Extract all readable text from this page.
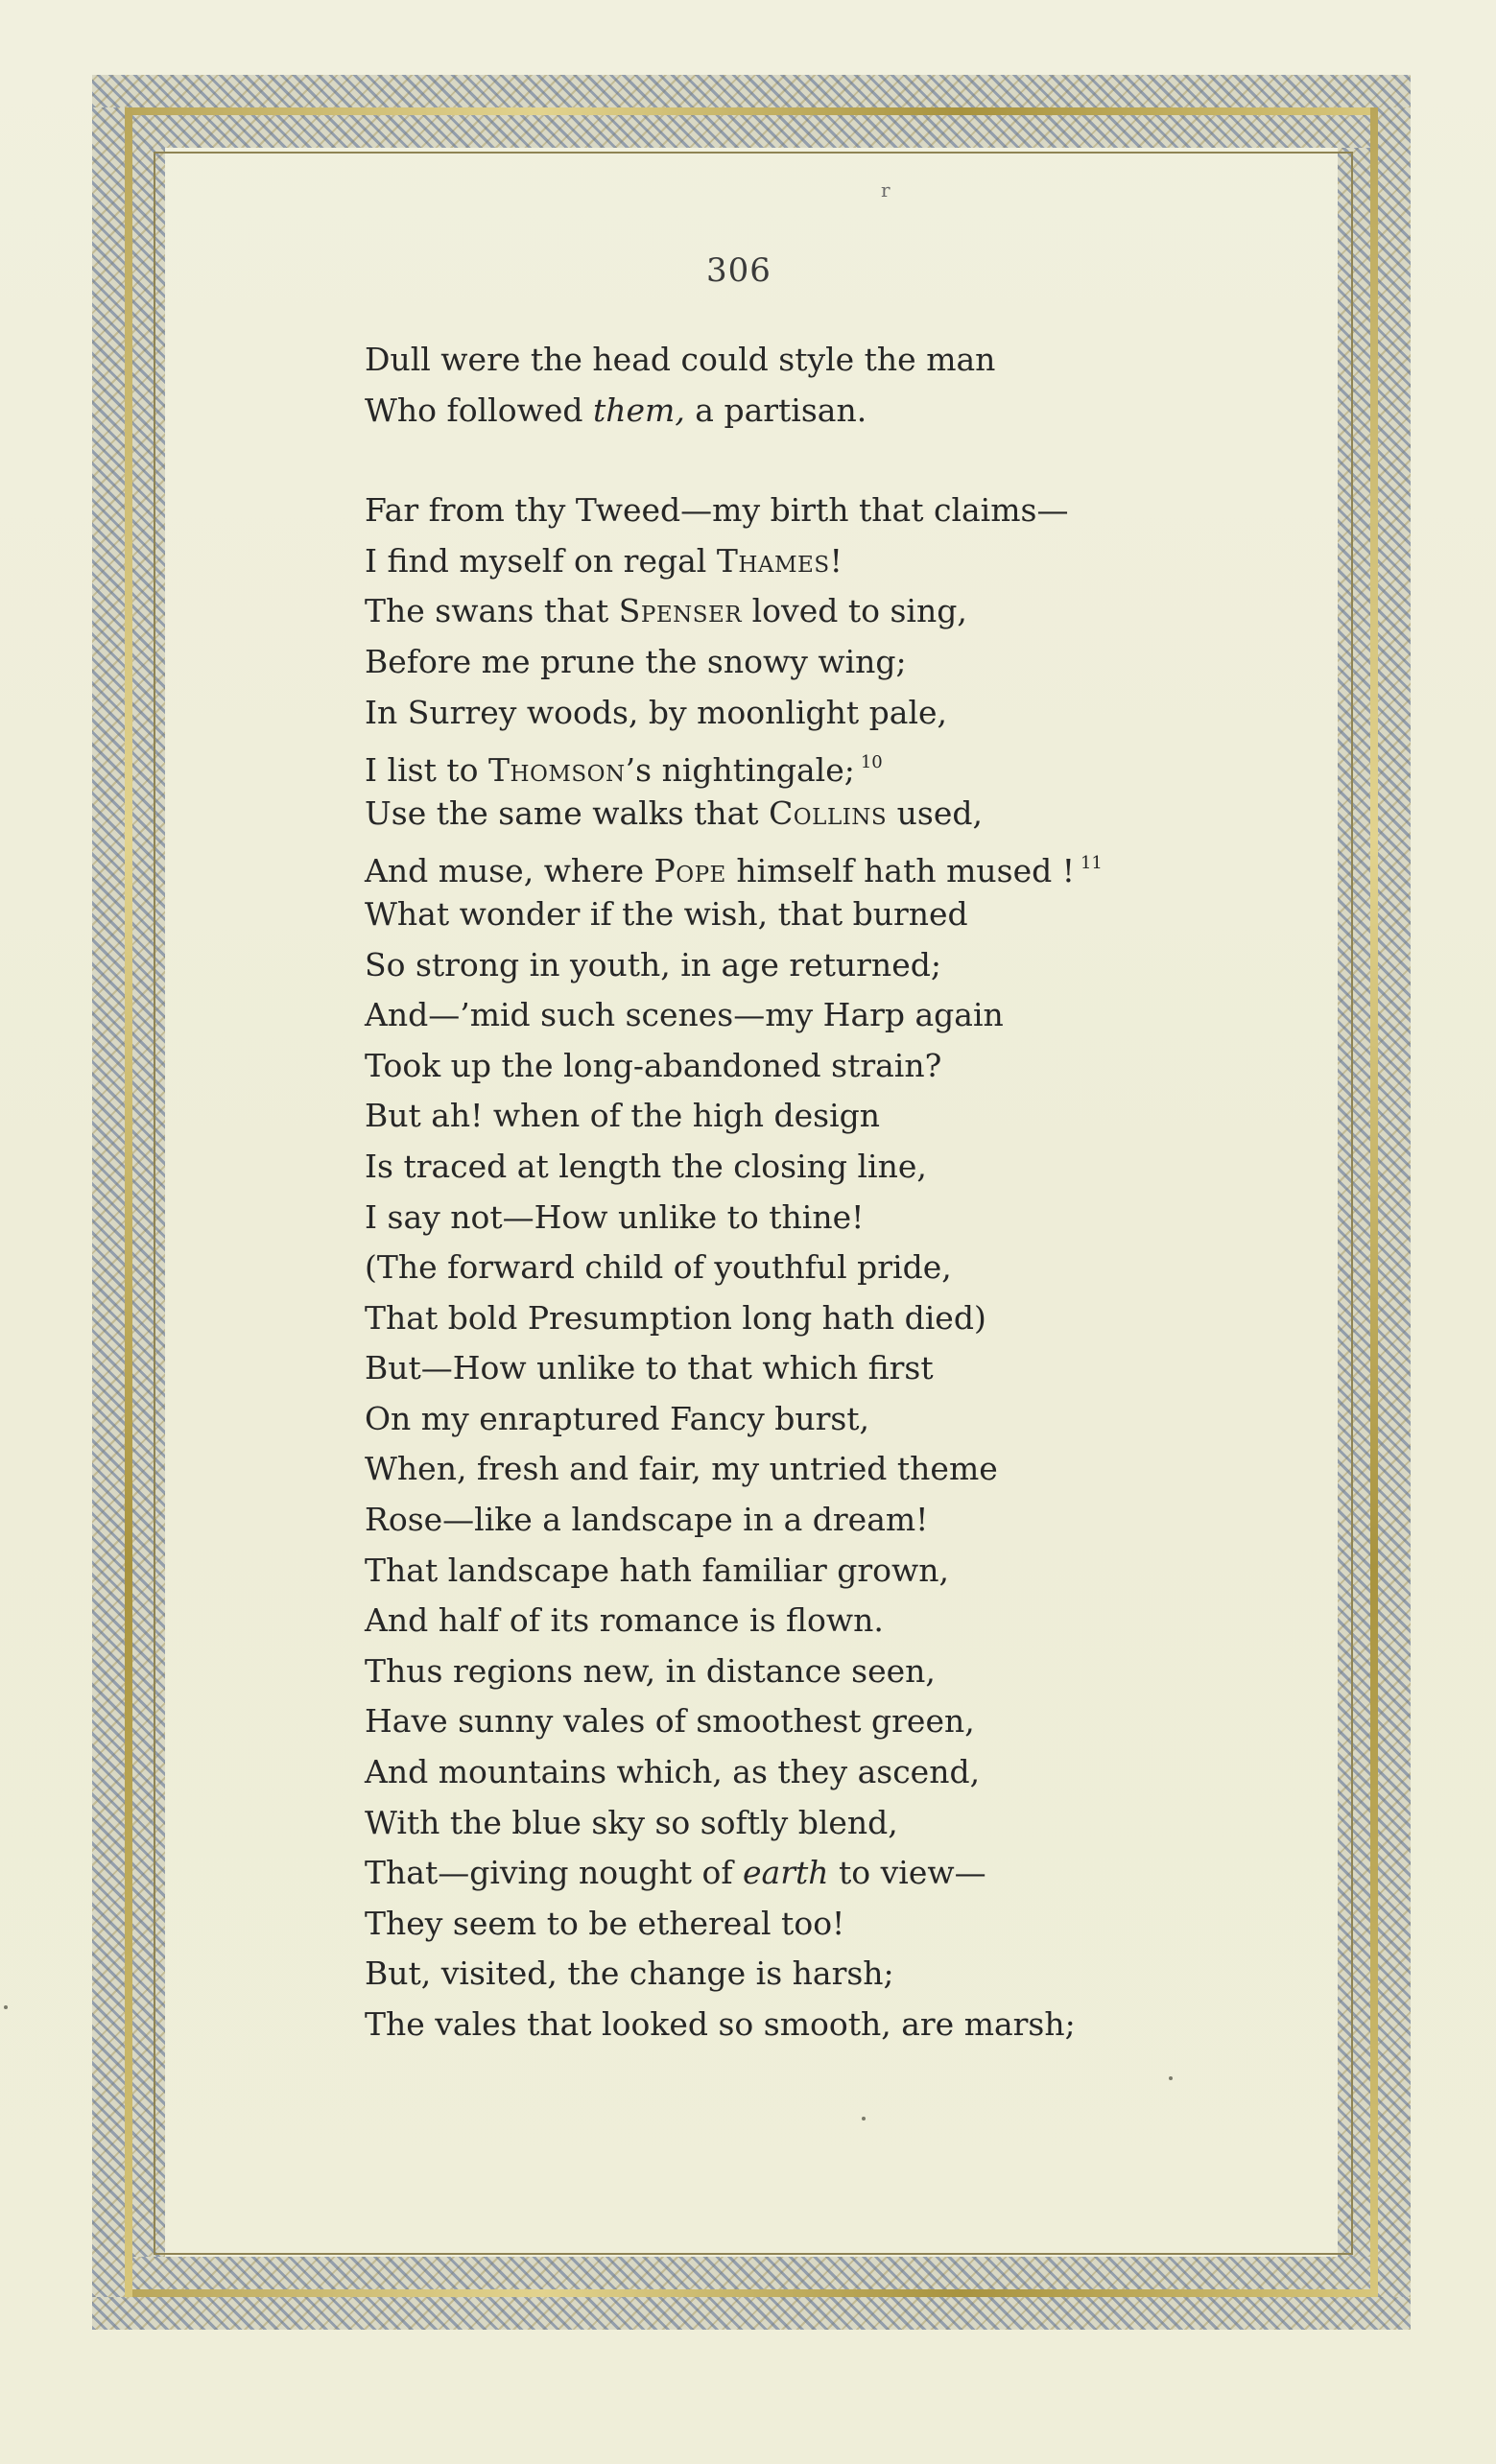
r
306
Dull were the head could style the man
Who followed them, a partisan.
Far from thy Tweed—my birth that claims—
I find myself on regal Thames!
The swans that Spenser loved to sing,
Before me prune the snowy wing;
In Surrey woods, by moonlight pale,
I list to Thomson’s nightingale; $^{10}$
Use the same walks that Collins used,
And muse, where Pope himself hath mused ! $^{11}$
What wonder if the wish, that burned
So strong in youth, in age returned;
And—’mid such scenes—my Harp again
Took up the long-abandoned strain?
But ah! when of the high design
Is traced at length the closing line,
I say not—How unlike to thine!
(The forward child of youthful pride,
That bold Presumption long hath died)
But—How unlike to that which first
On my enraptured Fancy burst,
When, fresh and fair, my untried theme
Rose—like a landscape in a dream!
That landscape hath familiar grown,
And half of its romance is flown.
Thus regions new, in distance seen,
Have sunny vales of smoothest green,
And mountains which, as they ascend,
With the blue sky so softly blend,
That—giving nought of earth to view—
They seem to be ethereal too!
But, visited, the change is harsh;
The vales that looked so smooth, are marsh;
